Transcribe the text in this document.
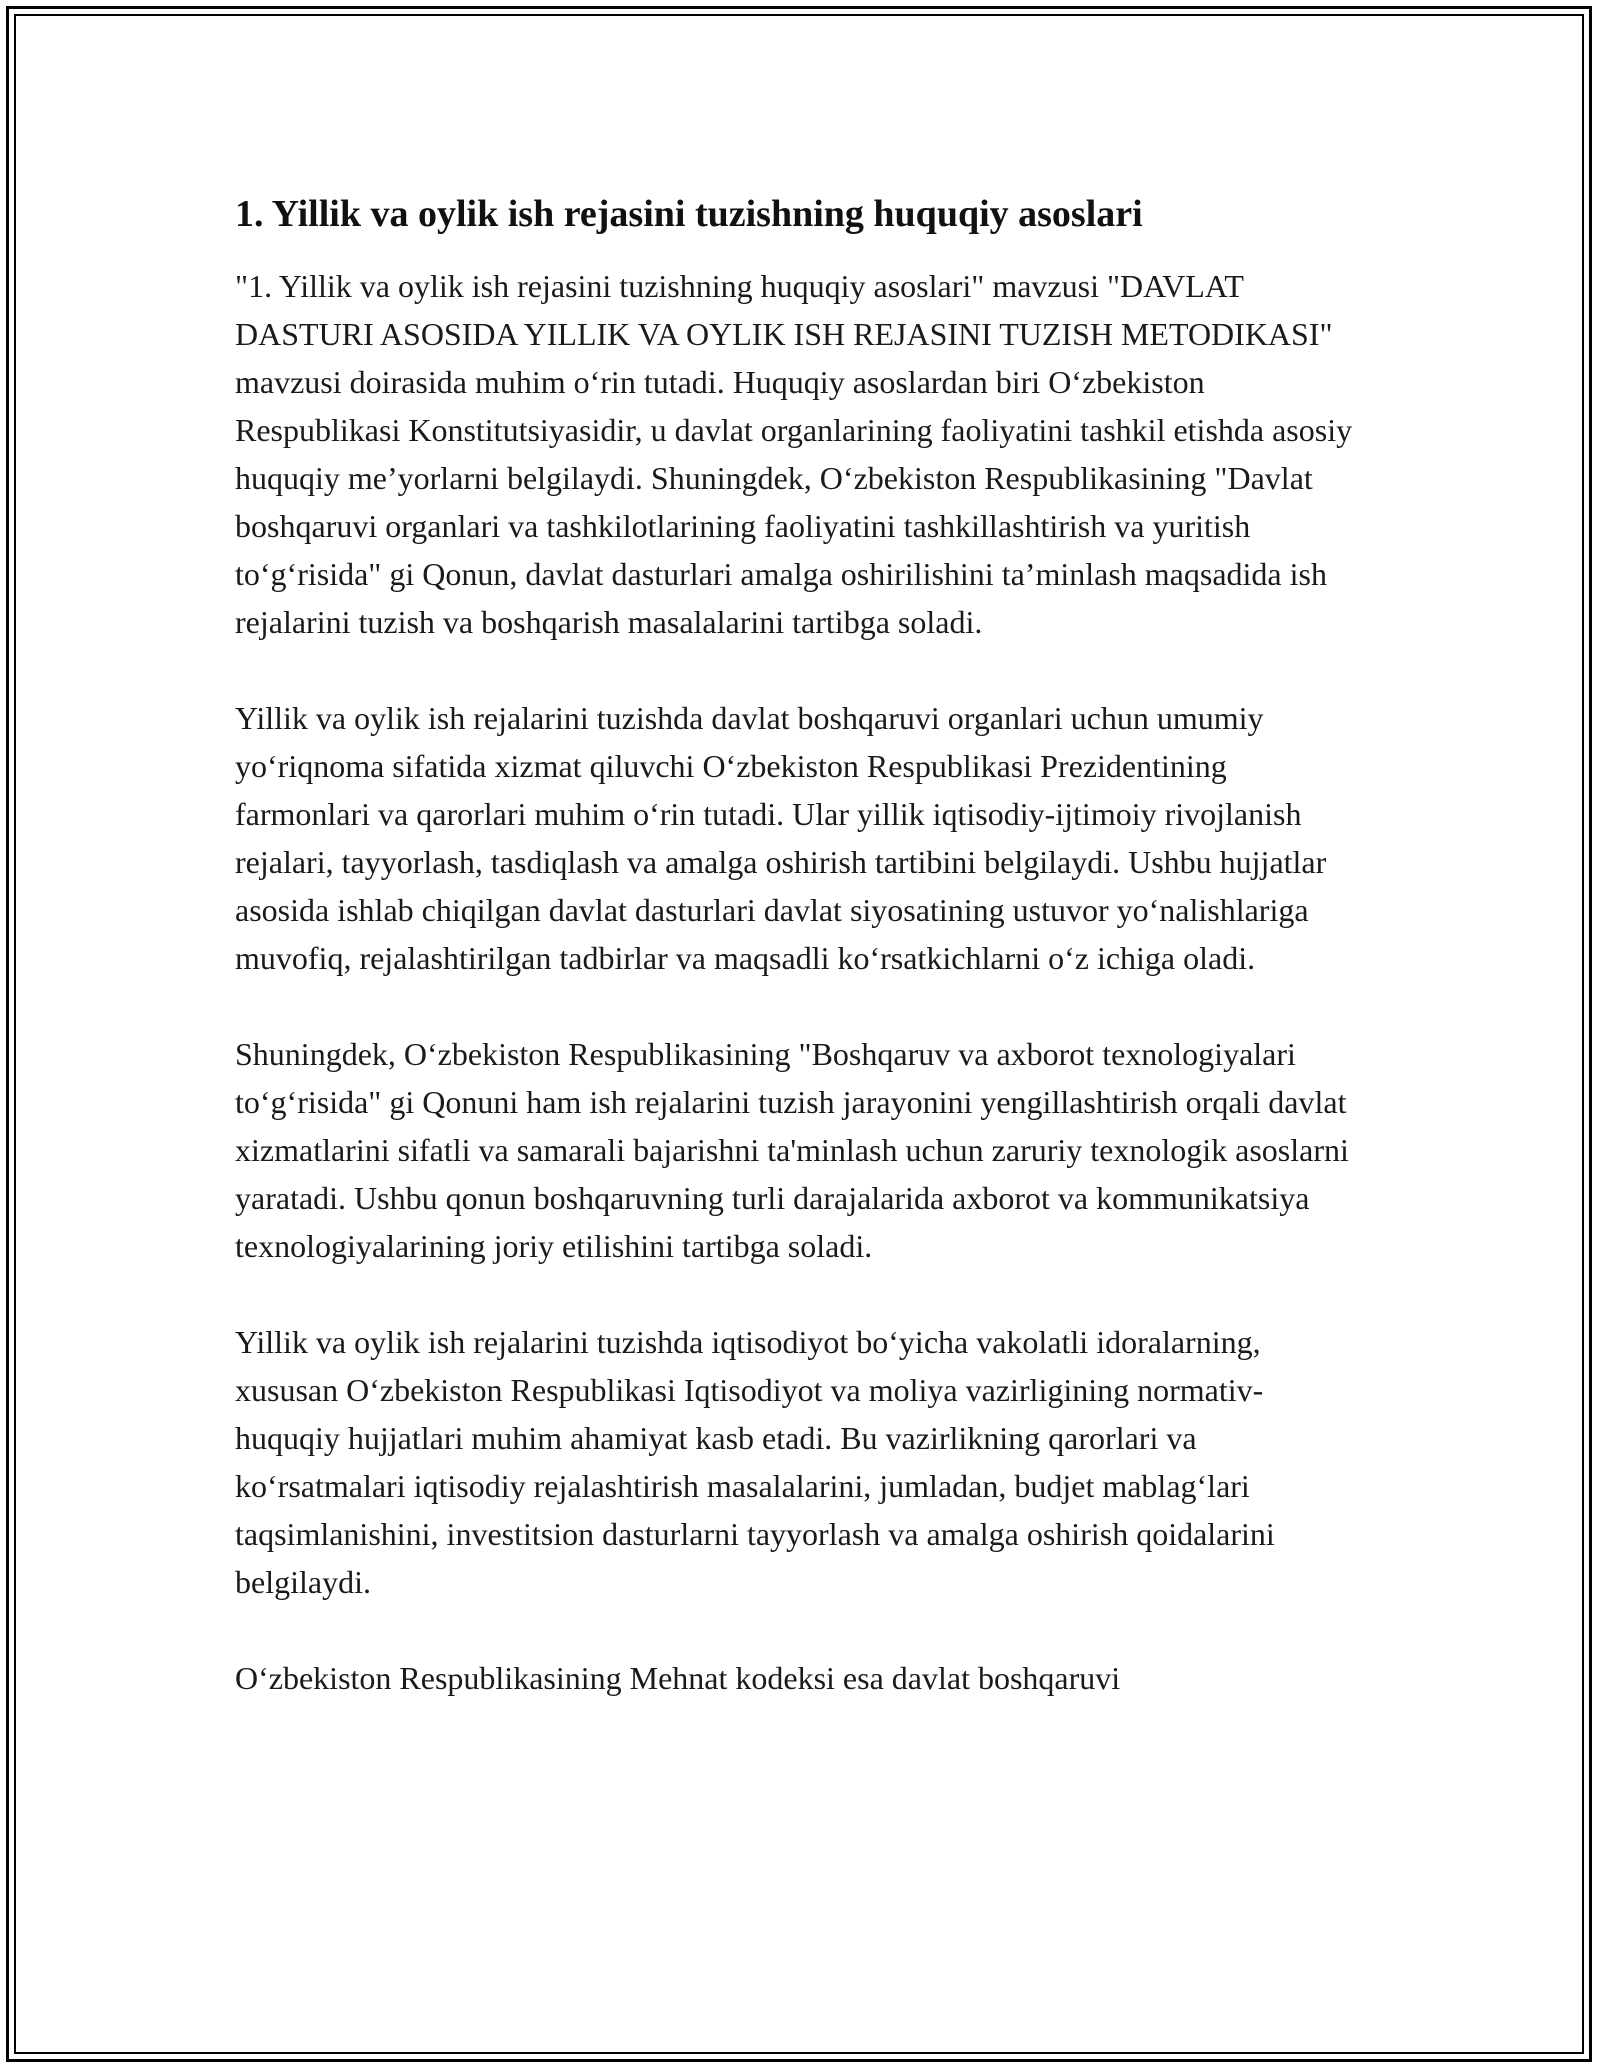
1. Yillik va oylik ish rejasini tuzishning huquqiy asoslari

"1. Yillik va oylik ish rejasini tuzishning huquqiy asoslari" mavzusi "DAVLAT DASTURI ASOSIDA YILLIK VA OYLIK ISH REJASINI TUZISH METODIKASI" mavzusi doirasida muhim o‘rin tutadi. Huquqiy asoslardan biri O‘zbekiston Respublikasi Konstitutsiyasidir, u davlat organlarining faoliyatini tashkil etishda asosiy huquqiy me’yorlarni belgilaydi. Shuningdek, O‘zbekiston Respublikasining "Davlat boshqaruvi organlari va tashkilotlarining faoliyatini tashkillashtirish va yuritish to‘g‘risida" gi Qonun, davlat dasturlari amalga oshirilishini ta’minlash maqsadida ish rejalarini tuzish va boshqarish masalalarini tartibga soladi.

Yillik va oylik ish rejalarini tuzishda davlat boshqaruvi organlari uchun umumiy yo‘riqnoma sifatida xizmat qiluvchi O‘zbekiston Respublikasi Prezidentining farmonlari va qarorlari muhim o‘rin tutadi. Ular yillik iqtisodiy-ijtimoiy rivojlanish rejalari, tayyorlash, tasdiqlash va amalga oshirish tartibini belgilaydi. Ushbu hujjatlar asosida ishlab chiqilgan davlat dasturlari davlat siyosatining ustuvor yo‘nalishlariga muvofiq, rejalashtirilgan tadbirlar va maqsadli ko‘rsatkichlarni o‘z ichiga oladi.

Shuningdek, O‘zbekiston Respublikasining "Boshqaruv va axborot texnologiyalari to‘g‘risida" gi Qonuni ham ish rejalarini tuzish jarayonini yengillashtirish orqali davlat xizmatlarini sifatli va samarali bajarishni ta'minlash uchun zaruriy texnologik asoslarni yaratadi. Ushbu qonun boshqaruvning turli darajalarida axborot va kommunikatsiya texnologiyalarining joriy etilishini tartibga soladi.

Yillik va oylik ish rejalarini tuzishda iqtisodiyot bo‘yicha vakolatli idoralarning, xususan O‘zbekiston Respublikasi Iqtisodiyot va moliya vazirligining normativ-huquqiy hujjatlari muhim ahamiyat kasb etadi. Bu vazirlikning qarorlari va ko‘rsatmalari iqtisodiy rejalashtirish masalalarini, jumladan, budjet mablag‘lari taqsimlanishini, investitsion dasturlarni tayyorlash va amalga oshirish qoidalarini belgilaydi.

O‘zbekiston Respublikasining Mehnat kodeksi esa davlat boshqaruvi
